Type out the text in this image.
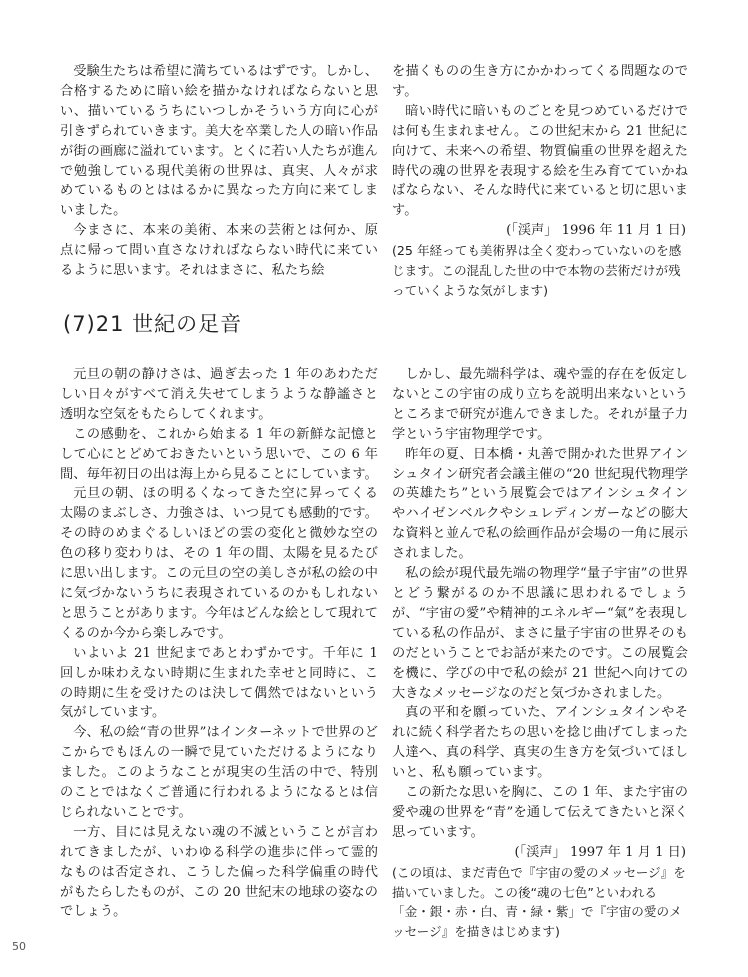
受験生たちは希望に満ちているはずです。しかし、合格するために暗い絵を描かなければならないと思い、描いているうちにいつしかそういう方向に心が引きずられていきます。美大を卒業した人の暗い作品が街の画廊に溢れています。とくに若い人たちが進んで勉強している現代美術の世界は、真実、人々が求めているものとははるかに異なった方向に来てしまいました。

今まさに、本来の美術、本来の芸術とは何か、原点に帰って問い直さなければならない時代に来ているように思います。それはまさに、私たち絵

を描くものの生き方にかかわってくる問題なのです。

暗い時代に暗いものごとを見つめているだけでは何も生まれません。この世紀末から 21 世紀に向けて、未来への希望、物質偏重の世界を超えた時代の魂の世界を表現する絵を生み育てていかねばならない、そんな時代に来ていると切に思います。

(「渓声」 1996 年 11 月 1 日)

(25 年経っても美術界は全く変わっていないのを感じます。この混乱した世の中で本物の芸術だけが残っていくような気がします)

(7)21 世紀の足音

元旦の朝の静けさは、過ぎ去った 1 年のあわただしい日々がすべて消え失せてしまうような静謐さと透明な空気をもたらしてくれます。

この感動を、これから始まる 1 年の新鮮な記憶として心にとどめておきたいという思いで、この 6 年間、毎年初日の出は海上から見ることにしています。

元旦の朝、ほの明るくなってきた空に昇ってくる太陽のまぶしさ、力強さは、いつ見ても感動的です。その時のめまぐるしいほどの雲の変化と微妙な空の色の移り変わりは、その 1 年の間、太陽を見るたびに思い出します。この元旦の空の美しさが私の絵の中に気づかないうちに表現されているのかもしれないと思うことがあります。今年はどんな絵として現れてくるのか今から楽しみです。

いよいよ 21 世紀まであとわずかです。千年に 1 回しか味わえない時期に生まれた幸せと同時に、この時期に生を受けたのは決して偶然ではないという気がしています。

今、私の絵“青の世界”はインターネットで世界のどこからでもほんの一瞬で見ていただけるようになりました。このようなことが現実の生活の中で、特別のことではなくご普通に行われるようになるとは信じられないことです。

一方、目には見えない魂の不滅ということが言われてきましたが、いわゆる科学の進歩に伴って霊的なものは否定され、こうした偏った科学偏重の時代がもたらしたものが、この 20 世紀末の地球の姿なのでしょう。

しかし、最先端科学は、魂や霊的存在を仮定しないとこの宇宙の成り立ちを説明出来ないというところまで研究が進んできました。それが量子力学という宇宙物理学です。

昨年の夏、日本橋・丸善で開かれた世界アインシュタイン研究者会議主催の“20 世紀現代物理学の英雄たち”という展覧会ではアインシュタインやハイゼンベルクやシュレディンガーなどの膨大な資料と並んで私の絵画作品が会場の一角に展示されました。

私の絵が現代最先端の物理学“量子宇宙”の世界とどう繋がるのか不思議に思われるでしょうが、“宇宙の愛”や精神的エネルギー“氣”を表現している私の作品が、まさに量子宇宙の世界そのものだということでお話が来たのです。この展覧会を機に、学びの中で私の絵が 21 世紀へ向けての大きなメッセージなのだと気づかされました。

真の平和を願っていた、アインシュタインやそれに続く科学者たちの思いを捻じ曲げてしまった人達へ、真の科学、真実の生き方を気づいてほしいと、私も願っています。

この新たな思いを胸に、この 1 年、また宇宙の愛や魂の世界を“青”を通して伝えてきたいと深く思っています。

(「渓声」 1997 年 1 月 1 日)

(この頃は、まだ青色で『宇宙の愛のメッセージ』を描いていました。この後“魂の七色”といわれる「金・銀・赤・白、青・緑・紫」で『宇宙の愛のメッセージ』を描きはじめます)

50
